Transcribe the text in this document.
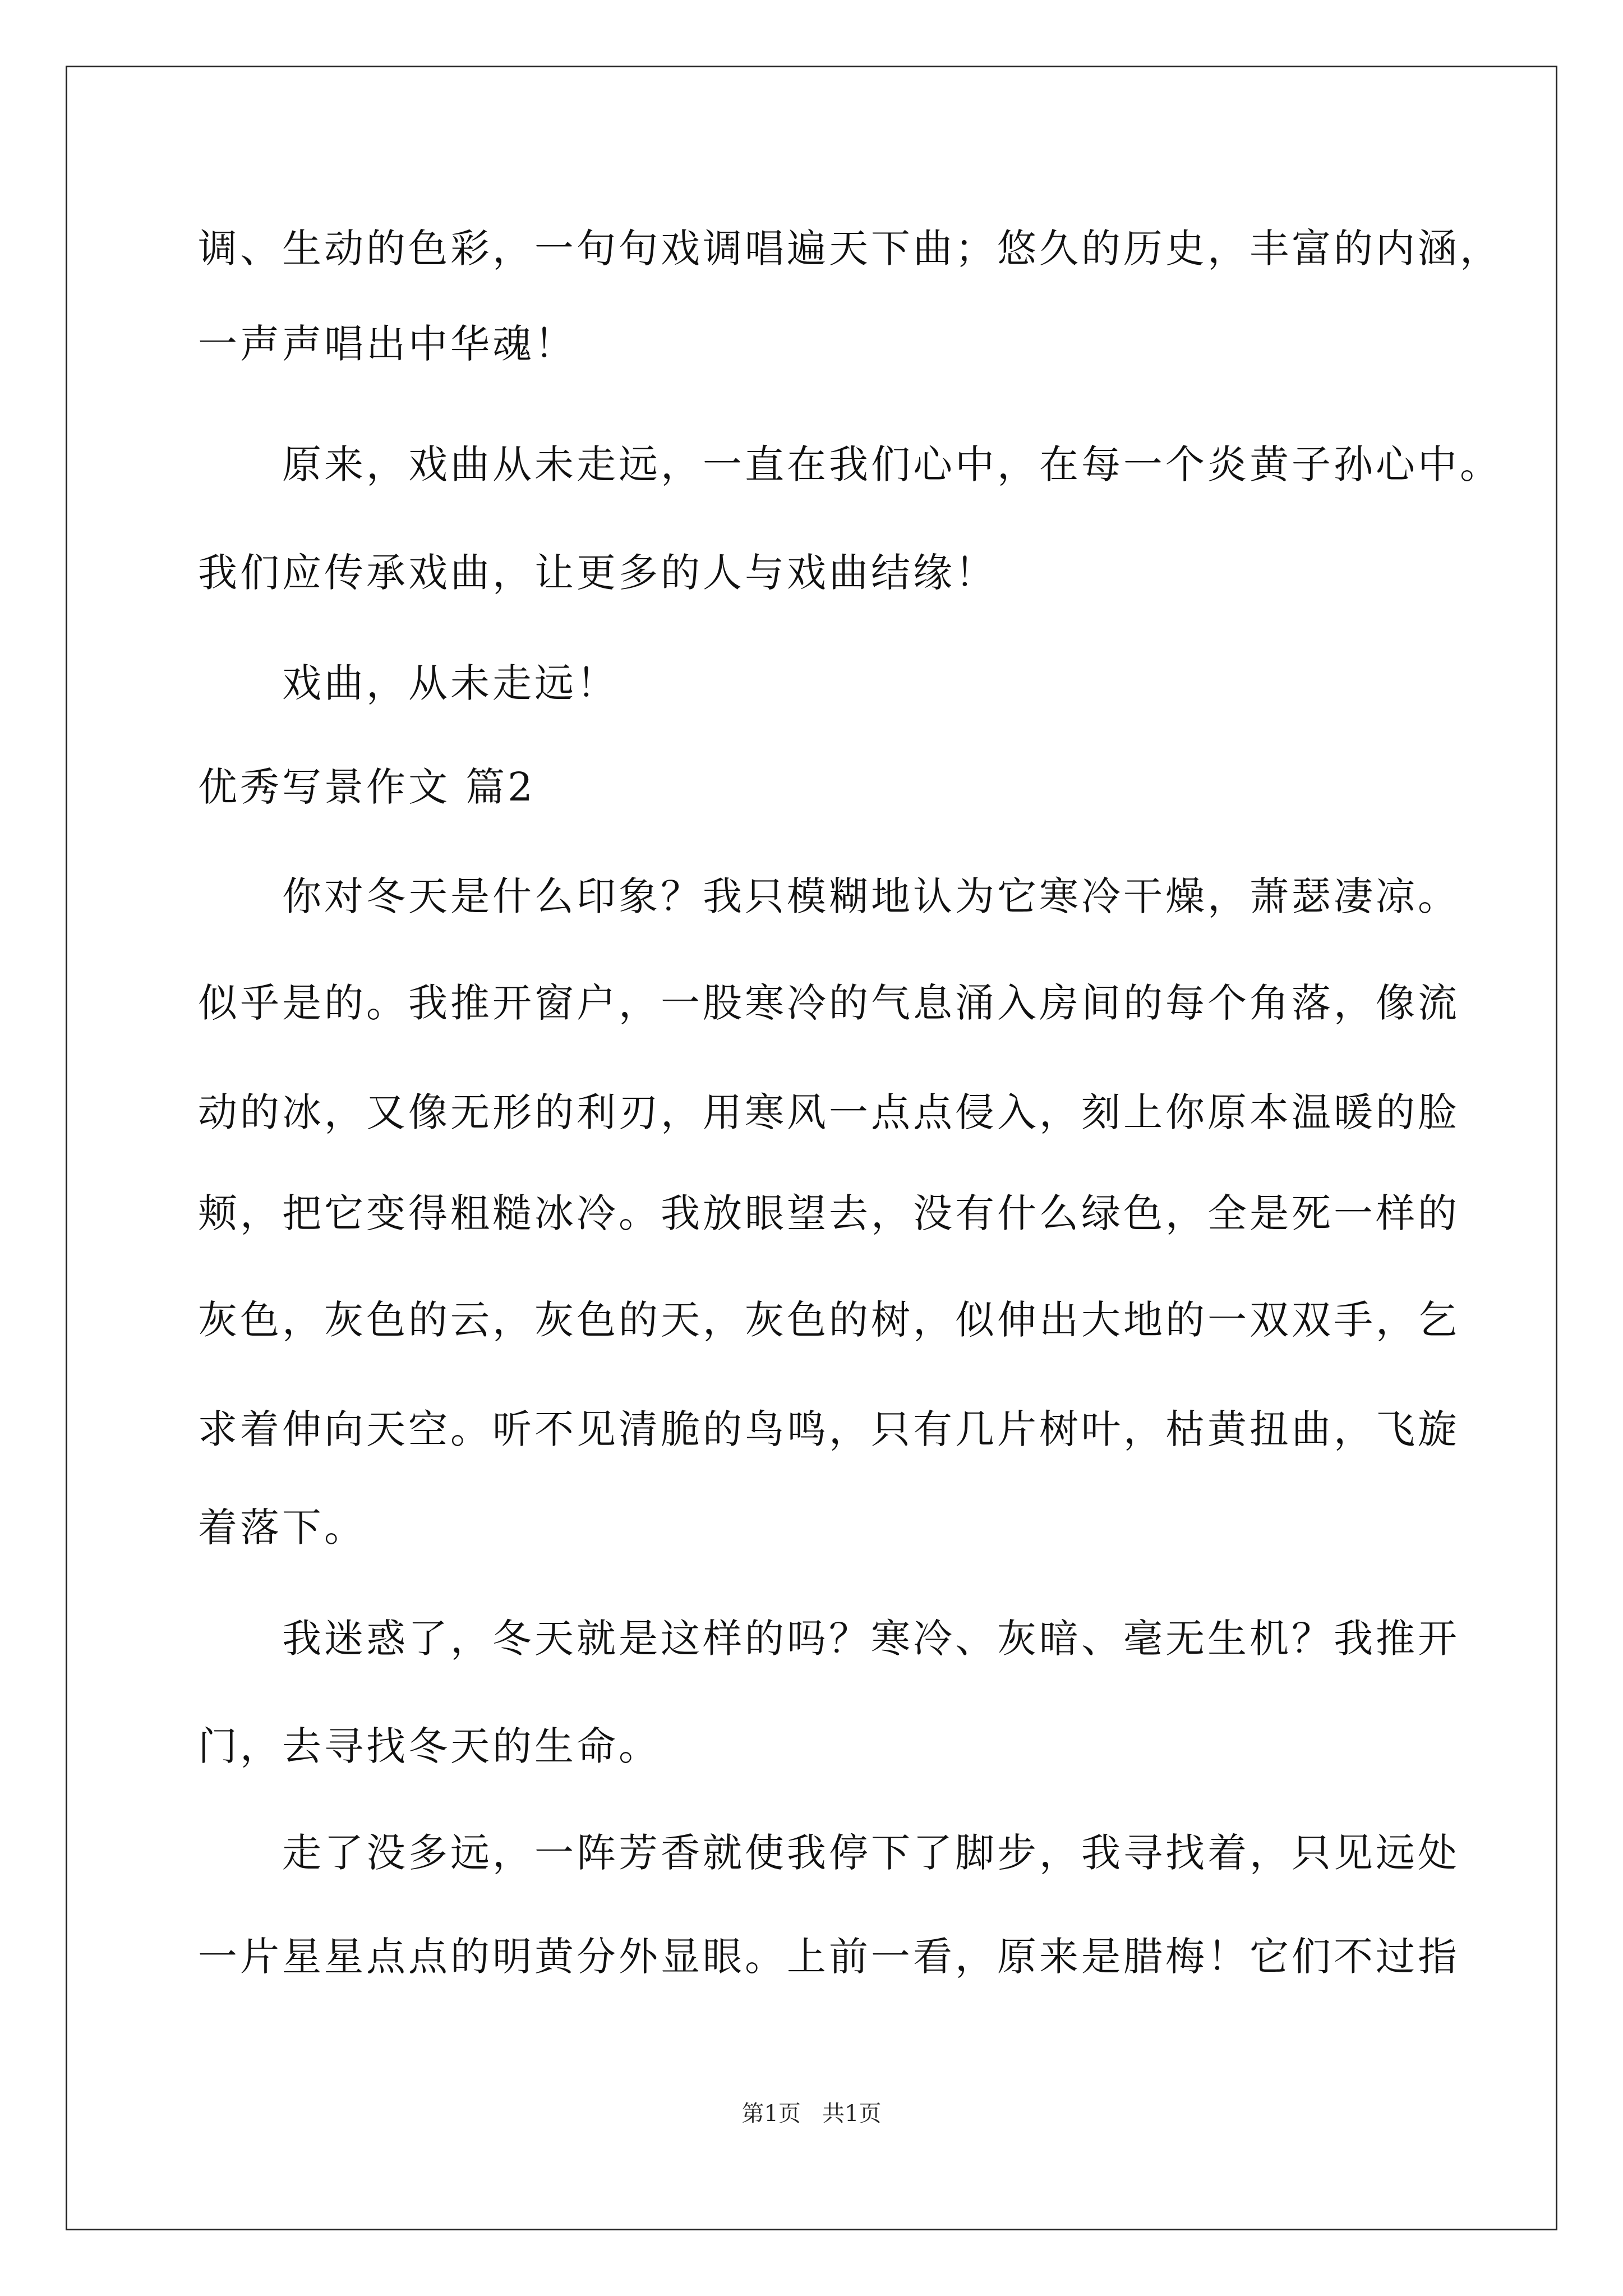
调、生动的色彩，一句句戏调唱遍天下曲；悠久的历史，丰富的内涵，
一声声唱出中华魂！
原来，戏曲从未走远，一直在我们心中，在每一个炎黄子孙心中。
我们应传承戏曲，让更多的人与戏曲结缘！
戏曲，从未走远！
优秀写景作文 篇2
你对冬天是什么印象？我只模糊地认为它寒冷干燥，萧瑟凄凉。
似乎是的。我推开窗户，一股寒冷的气息涌入房间的每个角落，像流
动的冰，又像无形的利刃，用寒风一点点侵入，刻上你原本温暖的脸
颊，把它变得粗糙冰冷。我放眼望去，没有什么绿色，全是死一样的
灰色，灰色的云，灰色的天，灰色的树，似伸出大地的一双双手，乞
求着伸向天空。听不见清脆的鸟鸣，只有几片树叶，枯黄扭曲，飞旋
着落下。
我迷惑了，冬天就是这样的吗？寒冷、灰暗、毫无生机？我推开
门，去寻找冬天的生命。
走了没多远，一阵芳香就使我停下了脚步，我寻找着，只见远处
一片星星点点的明黄分外显眼。上前一看，原来是腊梅！它们不过指
第1页   共1页
